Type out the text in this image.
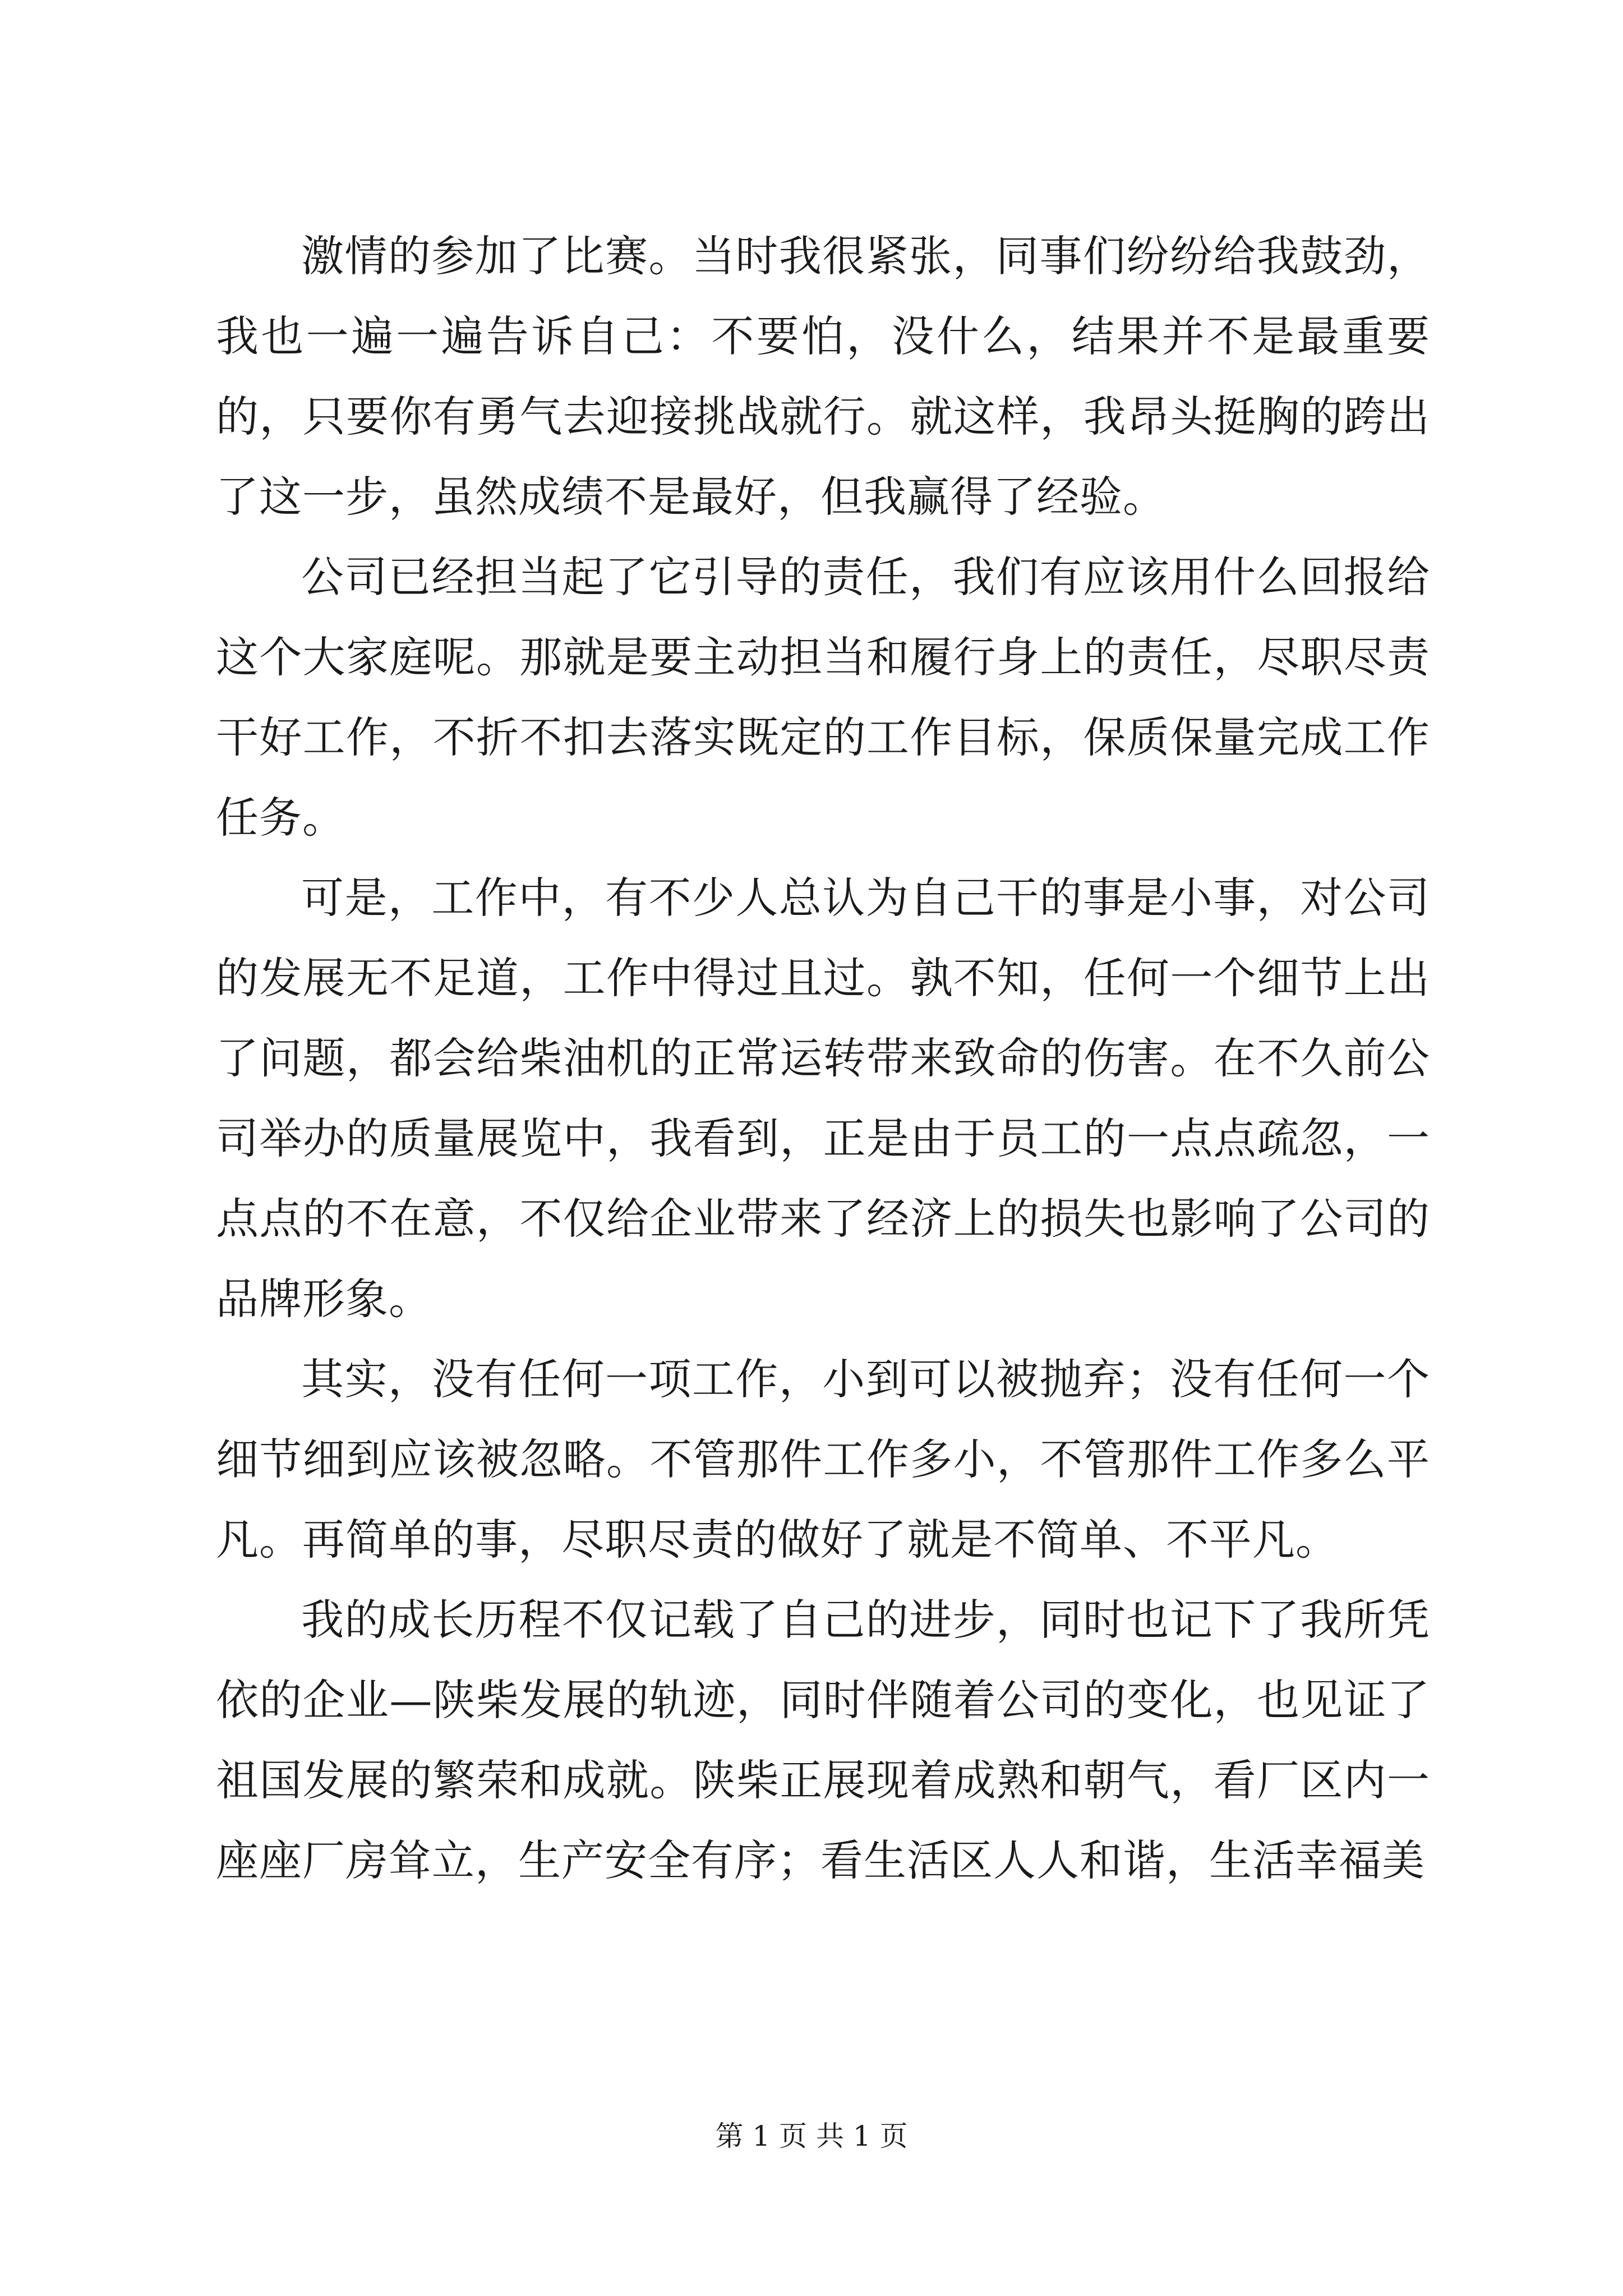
激情的参加了比赛。当时我很紧张，同事们纷纷给我鼓劲，我也一遍一遍告诉自己：不要怕，没什么，结果并不是最重要的，只要你有勇气去迎接挑战就行。就这样，我昂头挺胸的跨出了这一步，虽然成绩不是最好，但我赢得了经验。

公司已经担当起了它引导的责任，我们有应该用什么回报给这个大家庭呢。那就是要主动担当和履行身上的责任，尽职尽责干好工作，不折不扣去落实既定的工作目标，保质保量完成工作任务。

可是，工作中，有不少人总认为自己干的事是小事，对公司的发展无不足道，工作中得过且过。孰不知，任何一个细节上出了问题，都会给柴油机的正常运转带来致命的伤害。在不久前公司举办的质量展览中，我看到，正是由于员工的一点点疏忽，一点点的不在意，不仅给企业带来了经济上的损失也影响了公司的品牌形象。

其实，没有任何一项工作，小到可以被抛弃；没有任何一个细节细到应该被忽略。不管那件工作多小，不管那件工作多么平凡。再简单的事，尽职尽责的做好了就是不简单、不平凡。

我的成长历程不仅记载了自己的进步，同时也记下了我所凭依的企业—陕柴发展的轨迹，同时伴随着公司的变化，也见证了祖国发展的繁荣和成就。陕柴正展现着成熟和朝气，看厂区内一座座厂房耸立，生产安全有序；看生活区人人和谐，生活幸福美

第 1 页 共 1 页
